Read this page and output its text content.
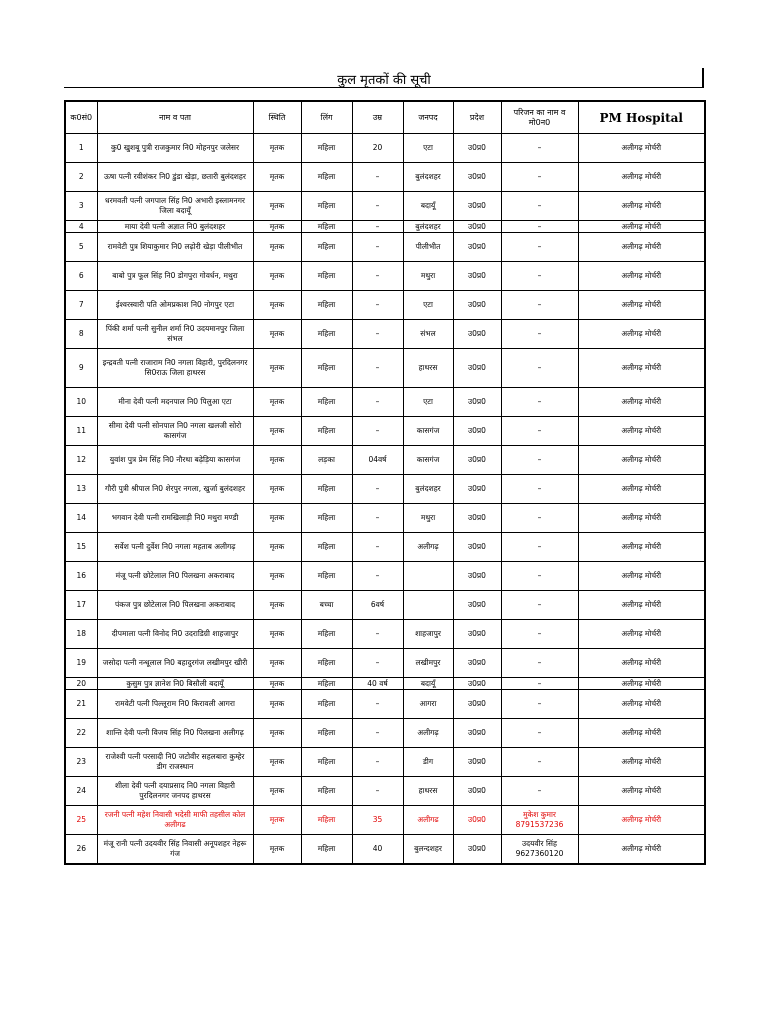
कुल मृतकों की सूची
क0सं0	नाम व पता	स्थिति	लिंग	उम्र	जनपद	प्रदेश	परिजन का नाम व मो0न0	PM Hospital
1	कु0 खुशबू पुत्री राजकुमार नि0 मोहनपुर जलेसर	मृतक	महिला	20	एटा	उ0प्र0	–	अलीगढ़ मोर्चरी
2	ऊषा पत्नी रवीशंकर नि0 डुंडा खेड़ा, छतारी बुलंदशहर	मृतक	महिला	–	बुलंदशहर	उ0प्र0	–	अलीगढ़ मोर्चरी
3	धरमवती पत्नी जगपाल सिंह नि0 अभारी इस्लामनगर जिला बदायूँ	मृतक	महिला	–	बदायूँ	उ0प्र0	–	अलीगढ़ मोर्चरी
4	माया देवी पत्नी अज्ञात नि0 बुलंदशहर	मृतक	महिला	–	बुलंदशहर	उ0प्र0	–	अलीगढ़ मोर्चरी
5	रामवेटी पुत्र शियाकुमार नि0 लढ़ोरी खेड़ा पीलीभीत	मृतक	महिला	–	पीलीभीत	उ0प्र0	–	अलीगढ़ मोर्चरी
6	बाबो पुत्र फूल सिंह नि0 डोगपुरा गोवर्धन, मथुरा	मृतक	महिला	–	मथुरा	उ0प्र0	–	अलीगढ़ मोर्चरी
7	ईश्वरस्वारी पति ओमप्रकाश नि0 नोगपुर एटा	मृतक	महिला	–	एटा	उ0प्र0	–	अलीगढ़ मोर्चरी
8	पिंकी शर्मा पत्नी सुनील शर्मा नि0 उदयमानपुर जिला संभल	मृतक	महिला	–	संभल	उ0प्र0	–	अलीगढ़ मोर्चरी
9	इन्द्रवती पत्नी राजाराम नि0 नगला विहारी, पुरदिलनगर सि0राऊ जिला हाथरस	मृतक	महिला	–	हाथरस	उ0प्र0	–	अलीगढ़ मोर्चरी
10	मीना देवी पत्नी मदनपाल नि0 पिलुआ एटा	मृतक	महिला	–	एटा	उ0प्र0	–	अलीगढ़ मोर्चरी
11	सीमा देवी पत्नी सोनपाल नि0 नगला खलजी सोरो कासगंज	मृतक	महिला	–	कासगंज	उ0प्र0	–	अलीगढ़ मोर्चरी
12	युवांश पुत्र प्रेम सिंह नि0 नौरथा बढ़ेड़िया कासगंज	मृतक	लड़का	04वर्ष	कासगंज	उ0प्र0	–	अलीगढ़ मोर्चरी
13	गौरी पुत्री श्रीपाल नि0 शेरपुर नगला, खुर्जा बुलंदशहर	मृतक	महिला	–	बुलंदशहर	उ0प्र0	–	अलीगढ़ मोर्चरी
14	भगवान देवी पत्नी रामखिलाड़ी नि0 मथुरा मण्डी	मृतक	महिला	–	मथुरा	उ0प्र0	–	अलीगढ़ मोर्चरी
15	सर्वेश पत्नी दुर्वेश नि0 नगला महताब अलीगढ़	मृतक	महिला	–	अलीगढ़	उ0प्र0	–	अलीगढ़ मोर्चरी
16	मंजू पत्नी छोटेलाल नि0 पिलखना अकराबाद	मृतक	महिला	–		उ0प्र0	–	अलीगढ़ मोर्चरी
17	पंकज पुत्र छोटेलाल नि0 पिलखना अकराबाद	मृतक	बच्चा	6वर्ष		उ0प्र0	–	अलीगढ़ मोर्चरी
18	दीपमाला पत्नी विनोद नि0 उदराडिग्री शाहजापुर	मृतक	महिला	–	शाहजापुर	उ0प्र0	–	अलीगढ़ मोर्चरी
19	जसोदा पत्नी नन्धूलाल नि0 बहादुरगंज लखीमपुर खीरी	मृतक	महिला	–	लखीमपुर	उ0प्र0	–	अलीगढ़ मोर्चरी
20	कुसुम पुत्र ज्ञानेश नि0 बिसौली बदायूँ	मृतक	महिला	40 वर्ष	बदायूँ	उ0प्र0	–	अलीगढ़ मोर्चरी
21	रामवेटी पत्नी पिल्लूराम नि0 किरावली आगरा	मृतक	महिला	–	आगरा	उ0प्र0	–	अलीगढ़ मोर्चरी
22	शान्ति देवी पत्नी विजय सिंह नि0 पिलखना अलीगढ़	मृतक	महिला	–	अलीगढ़	उ0प्र0	–	अलीगढ़ मोर्चरी
23	राजेश्वी पत्नी परसादी नि0 जटोवीर सहलबारा कुम्हेर डीग राजस्थान	मृतक	महिला	–	डीग	उ0प्र0	–	अलीगढ़ मोर्चरी
24	शीला देवी पत्नी दयाप्रसाद नि0 नगला विहारी पुरदिलनगर जनपद हाथरस	मृतक	महिला	–	हाथरस	उ0प्र0	–	अलीगढ़ मोर्चरी
25	रजनी पत्नी महेश निवासी भदेसी माफी तहसील कोल अलीगढ	मृतक	महिला	35	अलीगढ	उ0प्र0	मुकेश कुमार 8791537236	अलीगढ़ मोर्चरी
26	मंजू रानी पत्नी उदयवीर सिंह निवासी अनूपशहर नेहरू गंज	मृतक	महिला	40	बुलन्दशहर	उ0प्र0	उदयवीर सिंह 9627360120	अलीगढ़ मोर्चरी
